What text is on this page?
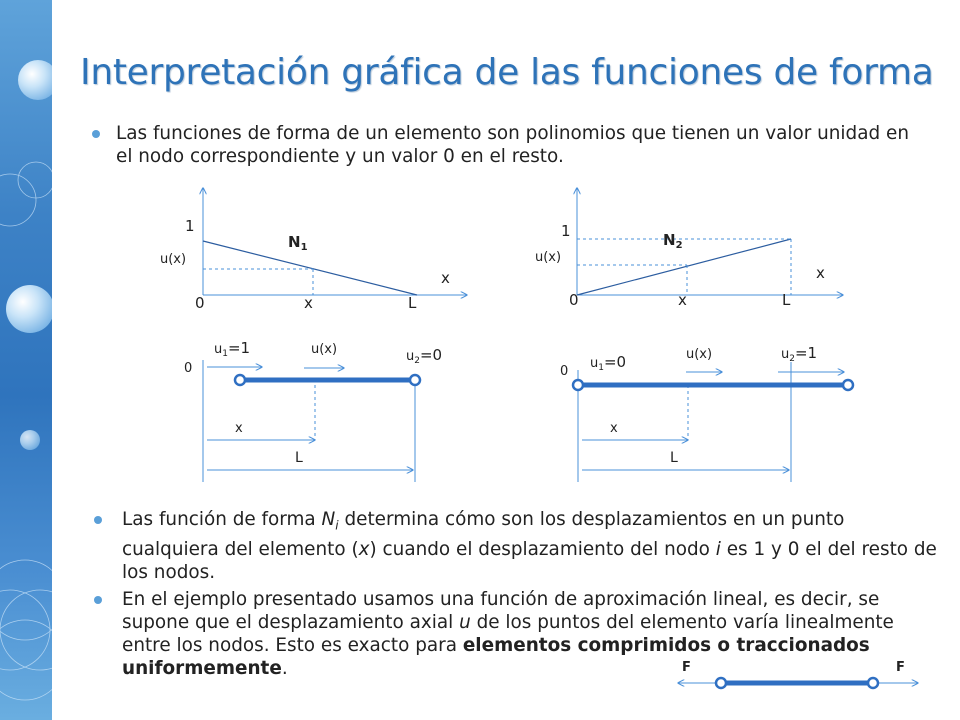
Interpretación gráfica de las funciones de forma
Las funciones de forma de un elemento son polinomios que tienen un valor unidad en el nodo correspondiente y un valor 0 en el resto.
1
$N_1$
u(x)
x
0	x	L
1	$N_2$
u(x)
x
0	x	L
0
$u_1=1$	u(x)	$u_2=0$
x
L
0
$u_1=0$	u(x)	$u_2=1$
x
L
F	F
Las función de forma $N_i$ determina cómo son los desplazamientos en un punto cualquiera del elemento (x) cuando el desplazamiento del nodo i es 1 y 0 el del resto de los nodos.
En el ejemplo presentado usamos una función de aproximación lineal, es decir, se supone que el desplazamiento axial u de los puntos del elemento varía linealmente entre los nodos. Esto es exacto para elementos comprimidos o traccionados uniformemente.
